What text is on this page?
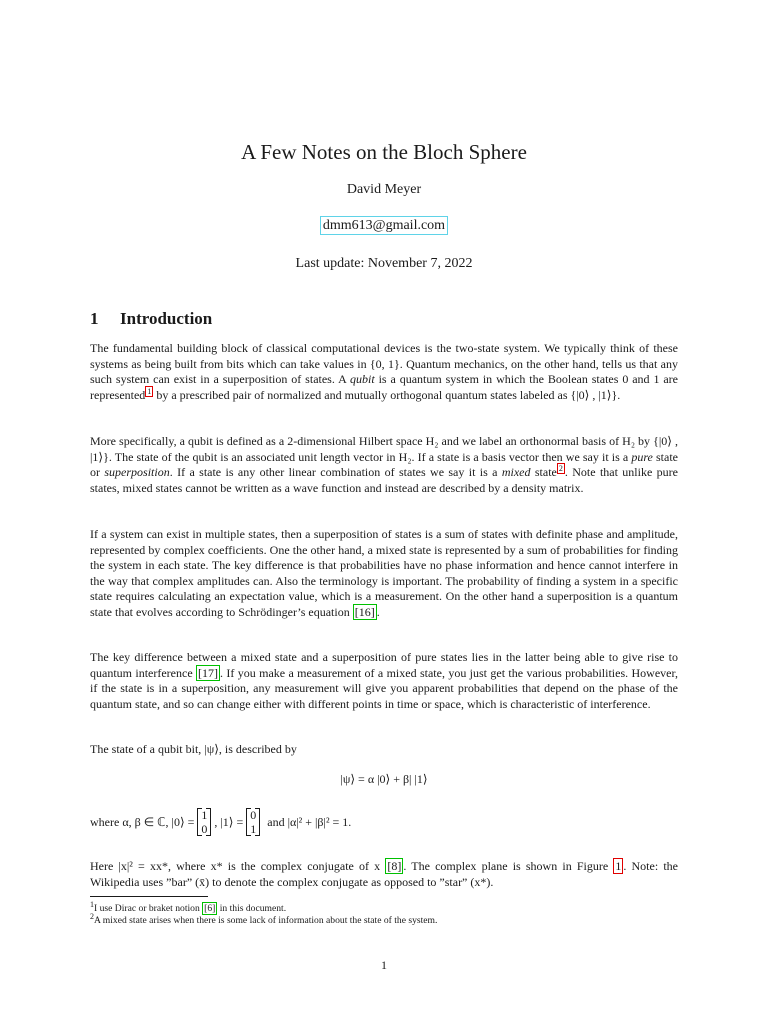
A Few Notes on the Bloch Sphere
David Meyer
dmm613@gmail.com
Last update: November 7, 2022
1 Introduction

The fundamental building block of classical computational devices is the two-state system. We typically think of these systems as being built from bits which can take values in {0, 1}. Quantum mechanics, on the other hand, tells us that any such system can exist in a superposition of states. A qubit is a quantum system in which the Boolean states 0 and 1 are represented $^1$ by a prescribed pair of normalized and mutually orthogonal quantum states labeled as {|0⟩ , |1⟩}.

More specifically, a qubit is defined as a 2-dimensional Hilbert space H₂ and we label an orthonormal basis of H₂ by {|0⟩ , |1⟩}. The state of the qubit is an associated unit length vector in H₂. If a state is a basis vector then we say it is a pure state or superposition. If a state is any other linear combination of states we say it is a mixed state $^2$ . Note that unlike pure states, mixed states cannot be written as a wave function and instead are described by a density matrix.

If a system can exist in multiple states, then a superposition of states is a sum of states with definite phase and amplitude, represented by complex coefficients. One the other hand, a mixed state is represented by a sum of probabilities for finding the system in each state. The key difference is that probabilities have no phase information and hence cannot interfere in the way that complex amplitudes can. Also the terminology is important. The probability of finding a system in a specific state requires calculating an expectation value, which is a measurement. On the other hand a superposition is a quantum state that evolves according to Schrödinger’s equation [16] .

The key difference between a mixed state and a superposition of pure states lies in the latter being able to give rise to quantum interference [17] . If you make a measurement of a mixed state, you just get the various probabilities. However, if the state is in a superposition, any measurement will give you apparent probabilities that depend on the phase of the quantum state, and so can change either with different points in time or space, which is characteristic of interference.

The state of a qubit bit, |ψ⟩, is described by

|ψ⟩ = α |0⟩ + β| |1⟩
where α, β ∈ ℂ, |0⟩ = 1
0
, |1⟩ = 0
1
and |α|² + |β|² = 1.

Here |x|² = xx*, where x* is the complex conjugate of x [8] . The complex plane is shown in Figure 1 . Note: the Wikipedia uses ”bar” (x̄) to denote the complex conjugate as opposed to ”star” (x*).

$^1$I use Dirac or braket notion [6] in this document.
$^2$A mixed state arises when there is some lack of information about the state of the system.
1
